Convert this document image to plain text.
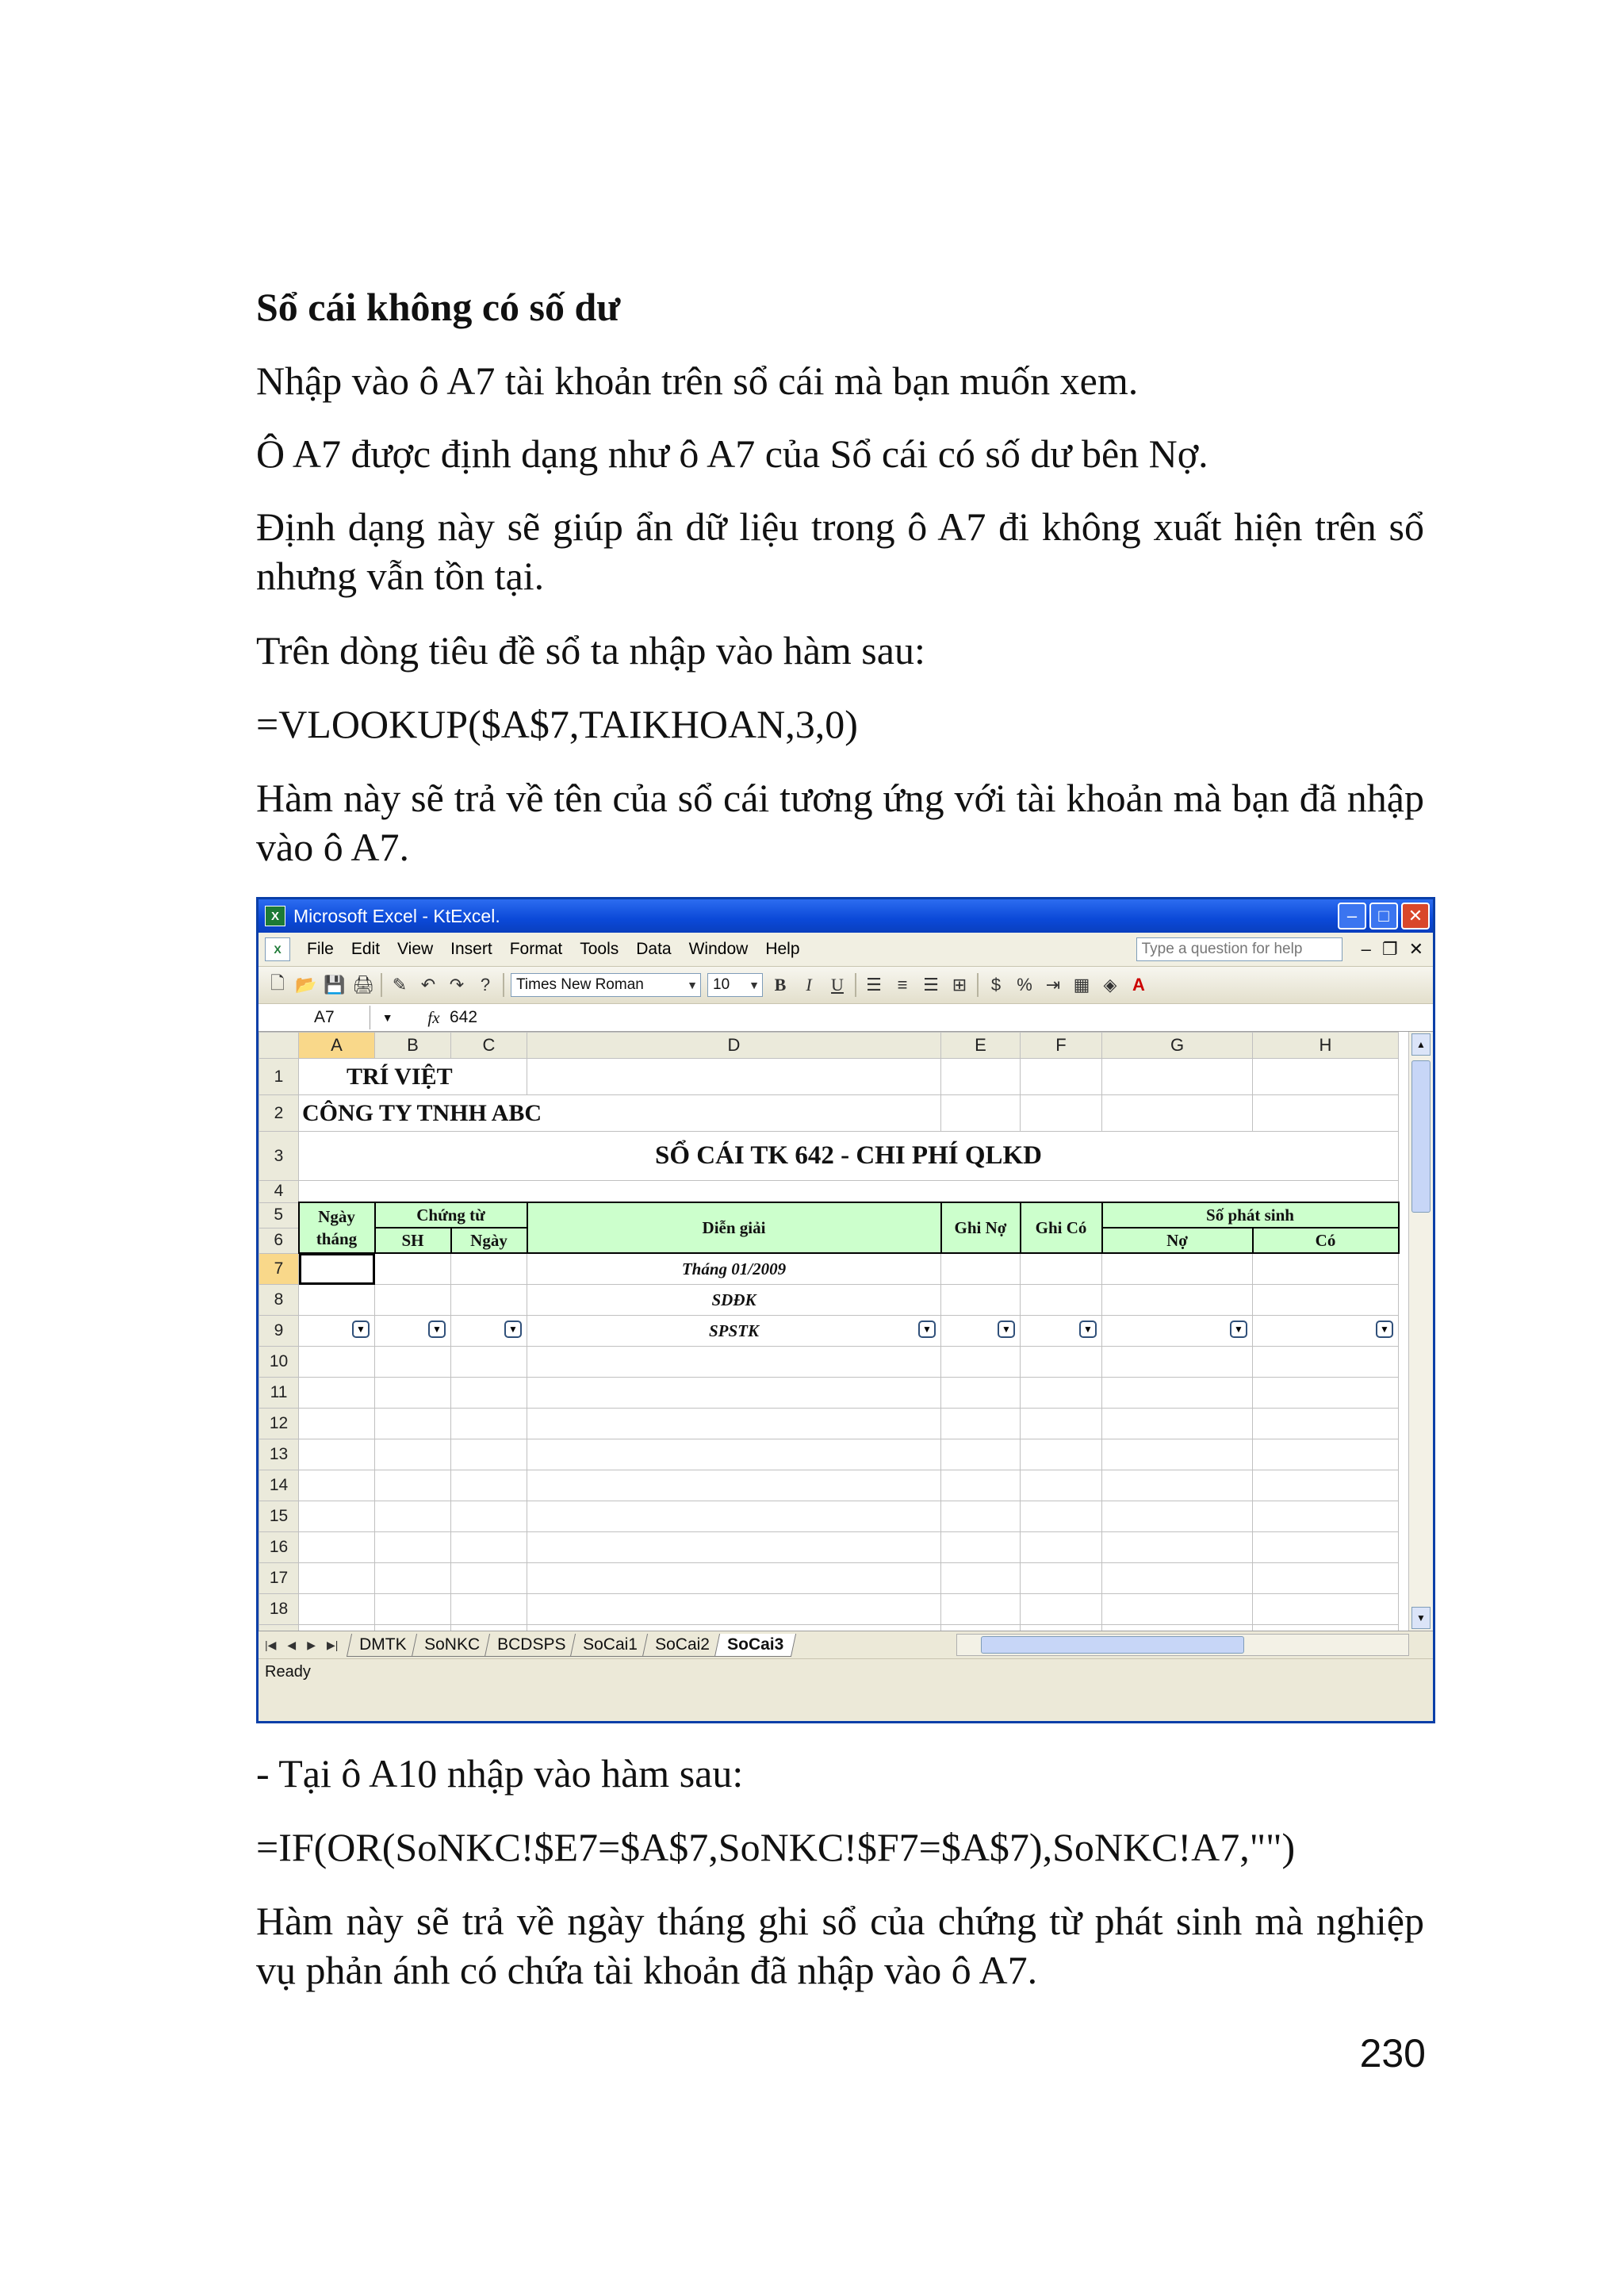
Sổ cái không có số dư

Nhập vào ô A7 tài khoản trên sổ cái mà bạn muốn xem.

Ô A7 được định dạng như ô A7 của Sổ cái có số dư bên Nợ.

Định dạng này sẽ giúp ẩn dữ liệu trong ô A7 đi không xuất hiện trên sổ nhưng vẫn tồn tại.

Trên dòng tiêu đề sổ ta nhập vào hàm sau:

=VLOOKUP($A$7,TAIKHOAN,3,0)

Hàm này sẽ trả về tên của sổ cái tương ứng với tài khoản mà bạn đã nhập vào ô A7.

X Microsoft Excel - KtExcel.	–	□	✕
X	File	Edit	View	Insert	Format	Tools	Data	Window	Help	Type a question for help	– ❐ ✕
🗋 📂 💾 🖨	✎ ↶ ↷ ?	Times New Roman	▼ 10 ▼ B	I	U	☰ ≡ ☰ ⊞	$ % ⇥ ▦ ◈ A
A7	▼	fx 642
	A	B	C	D	E	F	G	H
1	TRÍ VIỆT							
2	CÔNG TY TNHH ABC							
3	SỔ CÁI TK 642 - CHI PHÍ QLKD							
4								
5	Ngày tháng	Chứng từ		Diễn giải	Ghi Nợ	Ghi Có	Số phát sinh	
6		SH	Ngày				Nợ	Có
7				Tháng 01/2009				
8				SDĐK				
9	▼	▼	▼	SPSTK ▼	▼	▼	▼	▼

10								
11								
12								
13								
14								
15								
16								
17								
18								

▲
▼
|◀ ◀ ▶ ▶| DMTK SoNKC BCDSPS SoCai1 SoCai2 SoCai3
Ready

- Tại ô A10 nhập vào hàm sau:

=IF(OR(SoNKC!$E7=$A$7,SoNKC!$F7=$A$7),SoNKC!A7,"")

Hàm này sẽ trả về ngày tháng ghi sổ của chứng từ phát sinh mà nghiệp vụ phản ánh có chứa tài khoản đã nhập vào ô A7.

230
